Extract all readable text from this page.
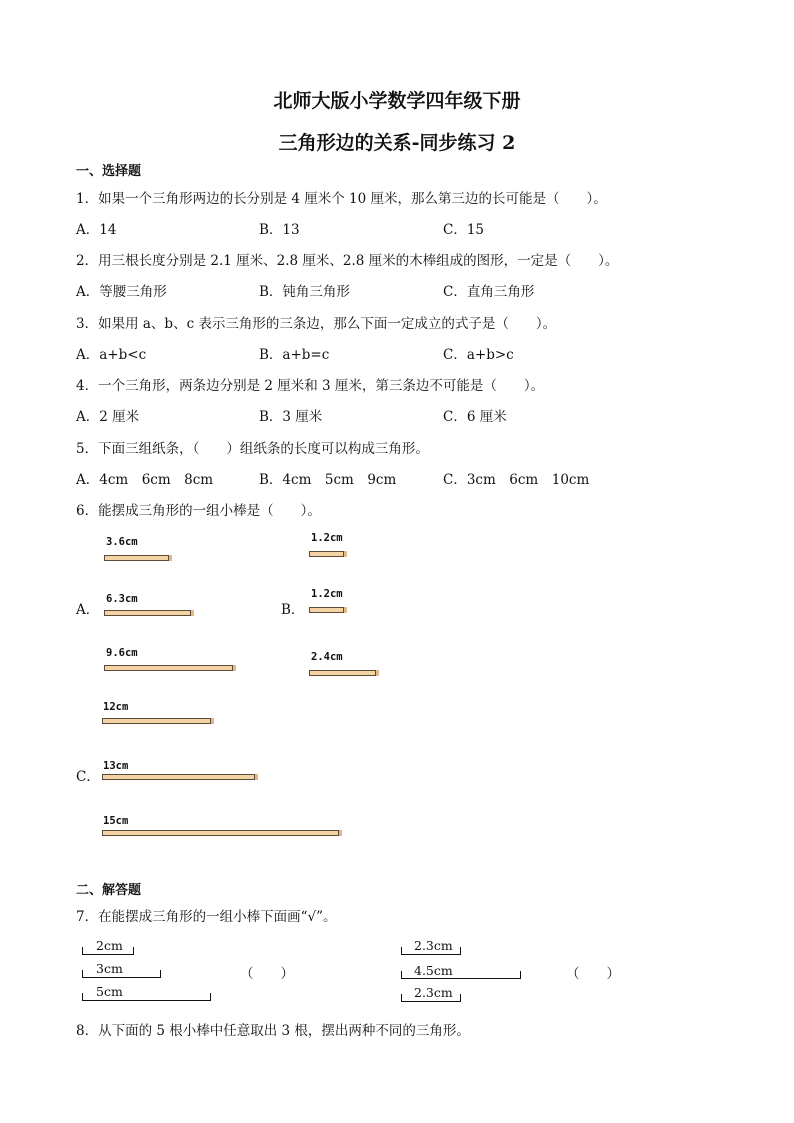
北师大版小学数学四年级下册
三角形边的关系-同步练习 2
一、选择题
1．如果一个三角形两边的长分别是 4 厘米个 10 厘米，那么第三边的长可能是（　　）。
A．14	B．13	C．15
2．用三根长度分别是 2.1 厘米、2.8 厘米、2.8 厘米的木棒组成的图形，一定是（　　）。
A．等腰三角形	B．钝角三角形	C．直角三角形
3．如果用 a、b、c 表示三角形的三条边，那么下面一定成立的式子是（　　）。
A．a+b<c	B．a+b=c	C．a+b>c
4．一个三角形，两条边分别是 2 厘米和 3 厘米，第三条边不可能是（　　）。
A．2 厘米	B．3 厘米	C．6 厘米
5．下面三组纸条，（　　）组纸条的长度可以构成三角形。
A．4cm　6cm　8cm	B．4cm　5cm　9cm	C．3cm　6cm　10cm
6．能摆成三角形的一组小棒是（　　）。
3.6cm
A．
6.3cm
9.6cm
1.2cm
B．
1.2cm
2.4cm
12cm
C．
13cm
15cm
二、解答题
7．在能摆成三角形的一组小棒下面画“√”。
2cm
3cm
5cm
（　　）
2.3cm
4.5cm
2.3cm
（　　）
8．从下面的 5 根小棒中任意取出 3 根，摆出两种不同的三角形。
